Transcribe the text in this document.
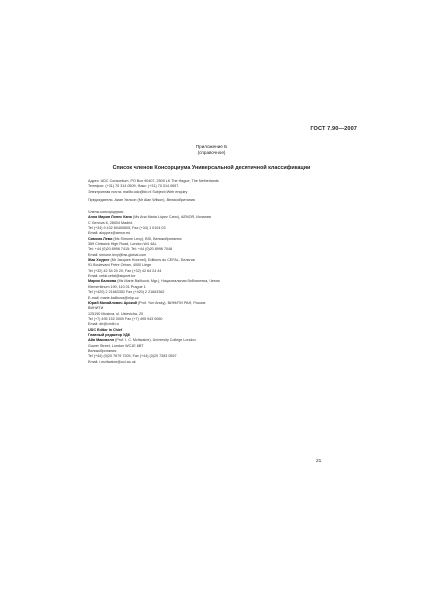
ГОСТ 7.90—2007
Приложение Б
(справочное)
Список членов Консорциума Универсальной десятичной классификации
Адрес: UDC Consortium, PO Box 90407, 2509 LK The Hague, The Netherlands
Телефон: (+31) 70 314 0509, Факс: (+31) 70 314 0657.
Электронная почта: mailto:udc@kb.nl Subject=Web enquiry
Председатель: Аиан Уилсон (Mr Alan Wilson), Великобритания
Члены консорциума:
Анна Мария Лопес Кано (Ms Ana Maria López Cano), AENOR, Испания
C Genova 6, 28004 Madrid
Tel (+34) 9 432 60400605, Fax (+34) 1 0104 03
Email: aloppez@aenor.es
Симона Леви (Ms Simone Levy), BSI, Великобритания
389 Chiswick High Road, London W4 4AL
Tel: +44 (0)20 8996 7415; Tel: +44 (0)20 8996 7048
Email: simone.levy@bsi-global.com
Жак Хоурне (Mr Jacques Hoornel), Editions du CEFAL, Бельгия
91 Boulevard Frère Orban, 4000 Liège
Tel (+32) 42 54 20 20, Fax (+32) 42 64 24 44
Email: cefal.cefal@skynet.be
Мария Балкова (Ms Marie Balíková, Mgr.), Национальная библиотека, Чехия
Klementinum 190, 110 01 Prague 1
Tel (+420) 2 21663352 Fax (+420) 2 21663362
E-mail: marie.balikova@nkp.cz
Юрий Михайлович Арский (Prof. Yuri Arsky), ВИНИТИ РАН, Россия
ВИНИТИ
125190 Moskva, ul. Usievicha, 20
Tel (+7) 495 152 0000 Fax (+7) 495 943 0060
Email: dir@viniti.ru
UDC Editor in Chief
Главный редактор УДК
Айя Максвелл (Prof. I. C. McIlwaine), University College London
Gower Street, London WC1E 6BT
Великобритания
Tel (+44) (0)20 7679 7205, Fax (+44) (0)20 7383 0557
Email: i.mcilwaine@ucl.ac.uk
21
